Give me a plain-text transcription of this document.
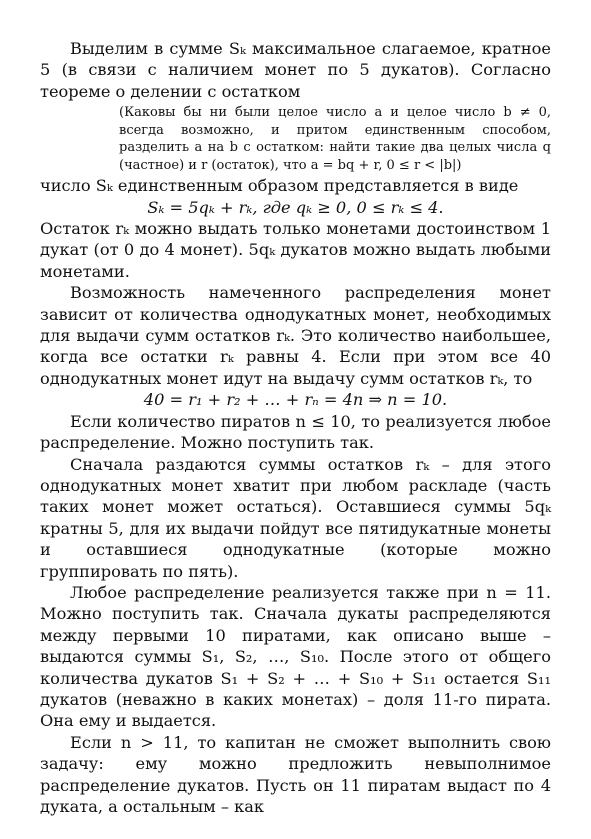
Выделим в сумме Sₖ максимальное слагаемое, кратное 5 (в связи с наличием монет по 5 дукатов). Согласно теореме о делении с остатком

(Каковы бы ни были целое число a и целое число b ≠ 0, всегда возможно, и притом единственным способом, разделить a на b с остатком: найти такие два целых числа q (частное) и r (остаток), что a = bq + r, 0 ≤ r < |b|)

число Sₖ единственным образом представляется в виде

Sₖ = 5qₖ + rₖ, где qₖ ≥ 0, 0 ≤ rₖ ≤ 4.

Остаток rₖ можно выдать только монетами достоинством 1 дукат (от 0 до 4 монет). 5qₖ дукатов можно выдать любыми монетами.

Возможность намеченного распределения монет зависит от количества однодукатных монет, необходимых для выдачи сумм остатков rₖ. Это количество наибольшее, когда все остатки rₖ равны 4. Если при этом все 40 однодукатных монет идут на выдачу сумм остатков rₖ, то

40 = r₁ + r₂ + … + rₙ = 4n ⇒ n = 10.

Если количество пиратов n ≤ 10, то реализуется любое распределение. Можно поступить так.

Сначала раздаются суммы остатков rₖ – для этого однодукатных монет хватит при любом раскладе (часть таких монет может остаться). Оставшиеся суммы 5qₖ кратны 5, для их выдачи пойдут все пятидукатные монеты и оставшиеся однодукатные (которые можно группировать по пять).

Любое распределение реализуется также при n = 11. Можно поступить так. Сначала дукаты распределяются между первыми 10 пиратами, как описано выше – выдаются суммы S₁, S₂, …, S₁₀. После этого от общего количества дукатов S₁ + S₂ + … + S₁₀ + S₁₁ остается S₁₁ дукатов (неважно в каких монетах) – доля 11-го пирата. Она ему и выдается.

Если n > 11, то капитан не сможет выполнить свою задачу: ему можно предложить невыполнимое распределение дукатов. Пусть он 11 пиратам выдаст по 4 дуката, а остальным – как
